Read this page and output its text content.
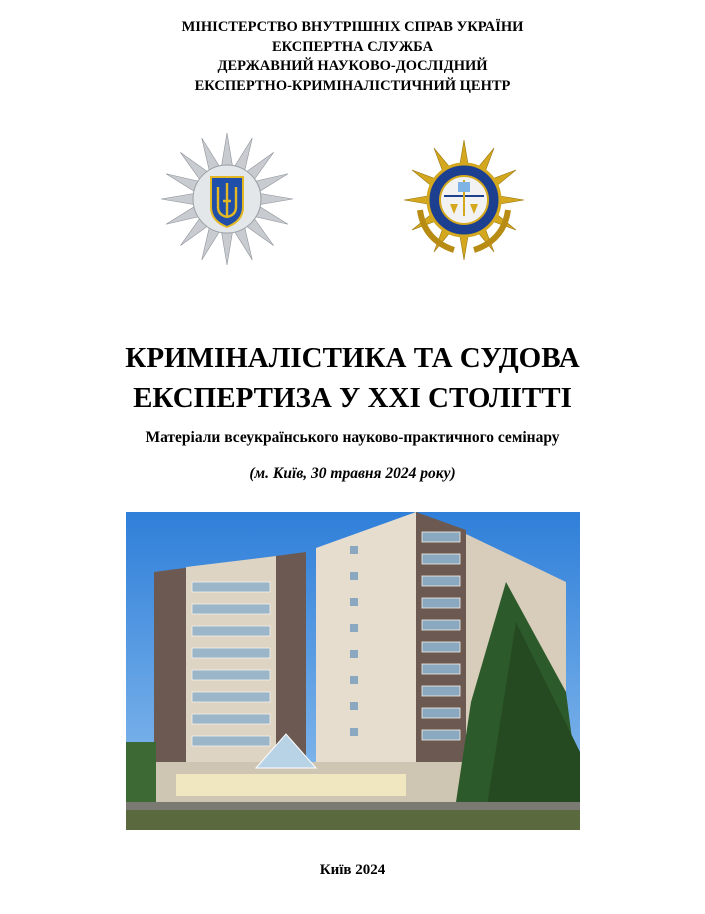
МІНІСТЕРСТВО ВНУТРІШНІХ СПРАВ УКРАЇНИ
ЕКСПЕРТНА СЛУЖБА
ДЕРЖАВНИЙ НАУКОВО-ДОСЛІДНИЙ
ЕКСПЕРТНО-КРИМІНАЛІСТИЧНИЙ ЦЕНТР
КРИМІНАЛІСТИКА ТА СУДОВА
ЕКСПЕРТИЗА У ХХІ СТОЛІТТІ
Матеріали всеукраїнського науково-практичного семінару
(м. Київ, 30 травня 2024 року)
Київ 2024
